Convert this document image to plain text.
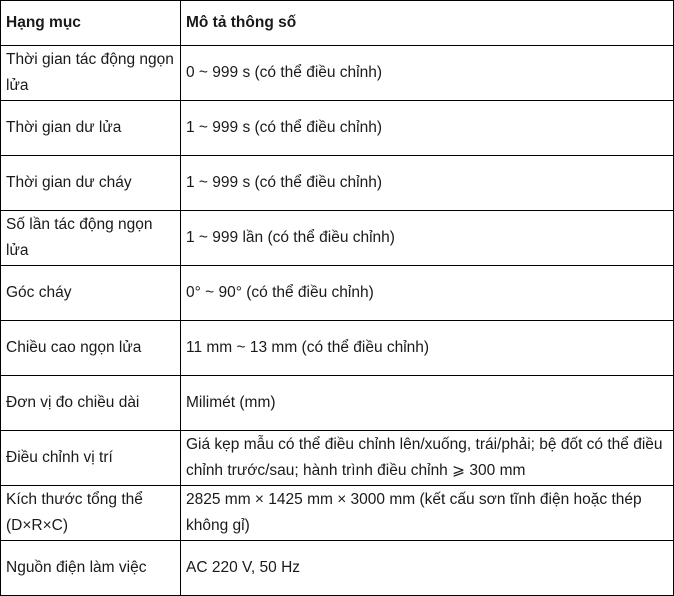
Hạng mục	Mô tả thông số
Thời gian tác động ngọn lửa	0 ~ 999 s (có thể điều chỉnh)
Thời gian dư lửa	1 ~ 999 s (có thể điều chỉnh)
Thời gian dư cháy	1 ~ 999 s (có thể điều chỉnh)
Số lần tác động ngọn lửa	1 ~ 999 lần (có thể điều chỉnh)
Góc cháy	0° ~ 90° (có thể điều chỉnh)
Chiều cao ngọn lửa	11 mm ~ 13 mm (có thể điều chỉnh)
Đơn vị đo chiều dài	Milimét (mm)
Điều chỉnh vị trí	Giá kẹp mẫu có thể điều chỉnh lên/xuống, trái/phải; bệ đốt có thể điều chỉnh trước/sau; hành trình điều chỉnh ⩾ 300 mm
Kích thước tổng thể (D×R×C)	2825 mm × 1425 mm × 3000 mm (kết cấu sơn tĩnh điện hoặc thép không gỉ)
Nguồn điện làm việc	AC 220 V, 50 Hz
